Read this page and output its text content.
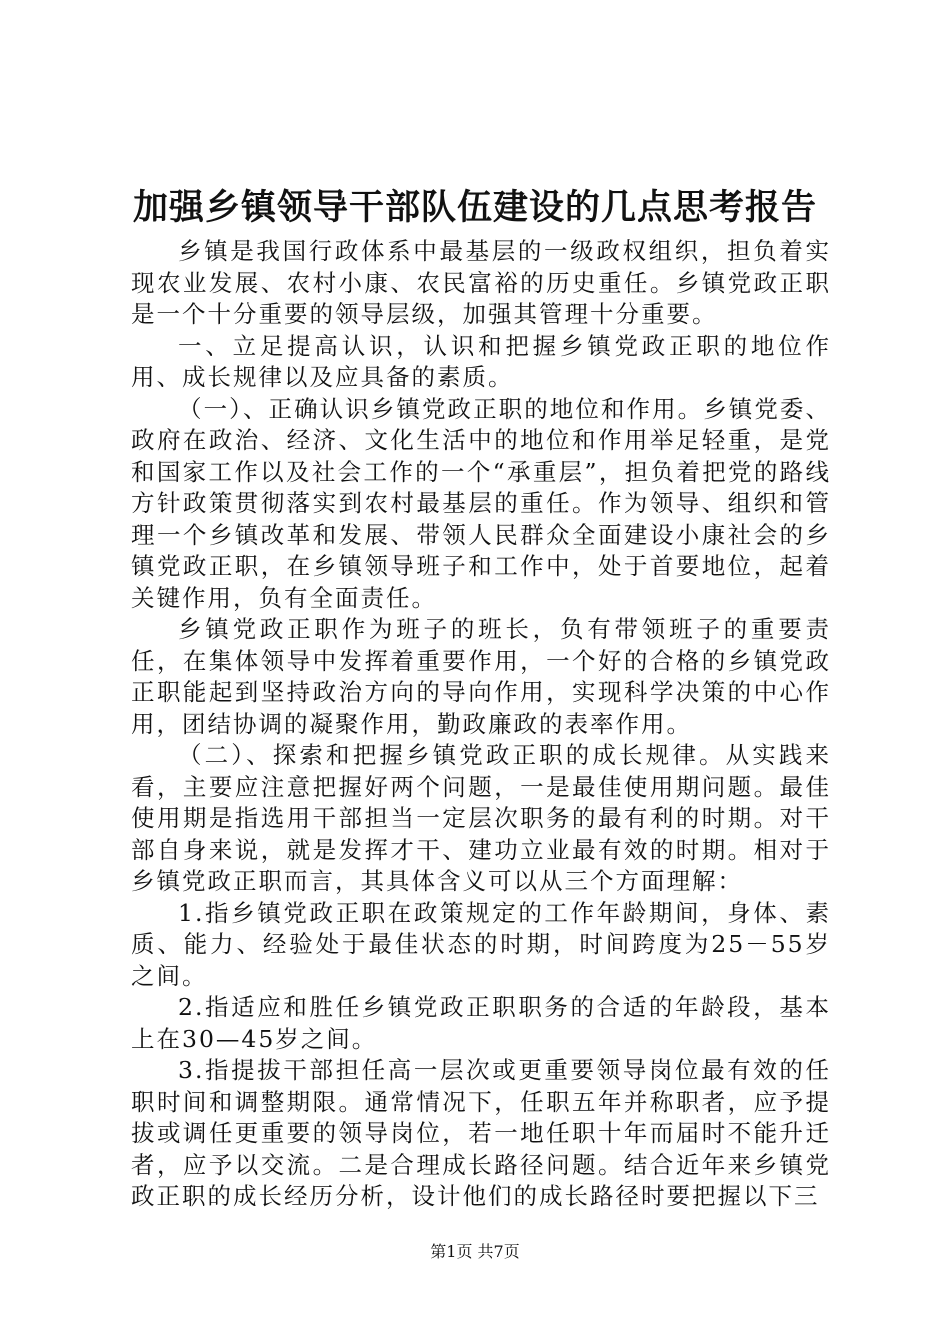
加强乡镇领导干部队伍建设的几点思考报告

乡镇是我国行政体系中最基层的一级政权组织，担负着实现农业发展、农村小康、农民富裕的历史重任。乡镇党政正职是一个十分重要的领导层级，加强其管理十分重要。

一、立足提高认识，认识和把握乡镇党政正职的地位作用、成长规律以及应具备的素质。

（一）、正确认识乡镇党政正职的地位和作用。乡镇党委、政府在政治、经济、文化生活中的地位和作用举足轻重，是党和国家工作以及社会工作的一个“承重层”，担负着把党的路线方针政策贯彻落实到农村最基层的重任。作为领导、组织和管理一个乡镇改革和发展、带领人民群众全面建设小康社会的乡镇党政正职，在乡镇领导班子和工作中，处于首要地位，起着关键作用，负有全面责任。

乡镇党政正职作为班子的班长，负有带领班子的重要责任，在集体领导中发挥着重要作用，一个好的合格的乡镇党政正职能起到坚持政治方向的导向作用，实现科学决策的中心作用，团结协调的凝聚作用，勤政廉政的表率作用。

（二）、探索和把握乡镇党政正职的成长规律。从实践来看，主要应注意把握好两个问题，一是最佳使用期问题。最佳使用期是指选用干部担当一定层次职务的最有利的时期。对干部自身来说，就是发挥才干、建功立业最有效的时期。相对于乡镇党政正职而言，其具体含义可以从三个方面理解：

1.指乡镇党政正职在政策规定的工作年龄期间，身体、素质、能力、经验处于最佳状态的时期，时间跨度为25－55岁之间。

2.指适应和胜任乡镇党政正职职务的合适的年龄段，基本上在30—45岁之间。

3.指提拔干部担任高一层次或更重要领导岗位最有效的任职时间和调整期限。通常情况下，任职五年并称职者，应予提拔或调任更重要的领导岗位，若一地任职十年而届时不能升迁者，应予以交流。二是合理成长路径问题。结合近年来乡镇党政正职的成长经历分析，设计他们的成长路径时要把握以下三

第1页 共7页
